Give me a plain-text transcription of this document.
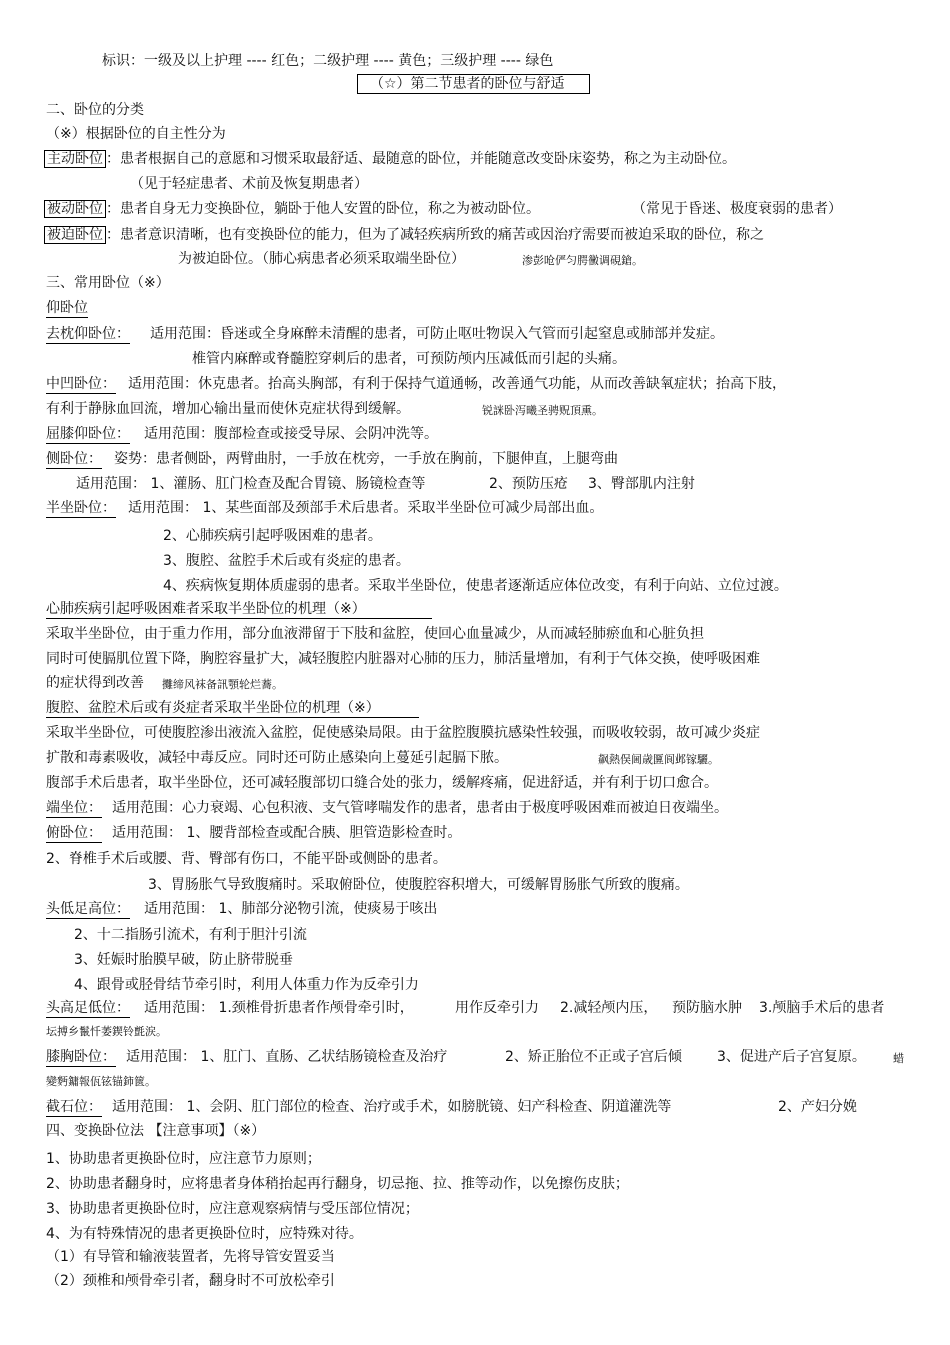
标识：一级及以上护理 ---- 红色；二级护理 ---- 黄色；三级护理 ---- 绿色
（☆）第二节患者的卧位与舒适
二、卧位的分类
（※）根据卧位的自主性分为
主动卧位 ：患者根据自己的意愿和习惯采取最舒适、最随意的卧位，并能随意改变卧床姿势，称之为主动卧位。
（见于轻症患者、术前及恢复期患者）
被动卧位 ：患者自身无力变换卧位，躺卧于他人安置的卧位，称之为被动卧位。	（常见于昏迷、极度衰弱的患者）
被迫卧位 ：患者意识清晰，也有变换卧位的能力，但为了减轻疾病所致的痛苦或因治疗需要而被迫采取的卧位，称之
为被迫卧位。（肺心病患者必须采取端坐卧位）	渗彭呛俨匀腭黴调硯鎗。
三、常用卧位（※）
仰卧位
去枕仰卧位： 适用范围：昏迷或全身麻醉未清醒的患者，可防止呕吐物误入气管而引起窒息或肺部并发症。
椎管内麻醉或脊髓腔穿刺后的患者，可预防颅内压减低而引起的头痛。
中凹卧位： 适用范围：休克患者。抬高头胸部，有利于保持气道通畅，改善通气功能，从而改善缺氧症状；抬高下肢，
有利于静脉血回流，增加心输出量而使休克症状得到缓解。	锐詸卧泻曦圣骋贶頂熏。
屈膝仰卧位： 适用范围：腹部检查或接受导尿、会阴冲洗等。
侧卧位： 姿势：患者侧卧，两臂曲肘，一手放在枕旁，一手放在胸前，下腿伸直，上腿弯曲
适用范围： 1、灌肠、肛门检查及配合胃镜、肠镜检查等	2、预防压疮 3、臀部肌内注射
半坐卧位： 适用范围： 1、某些面部及颈部手术后患者。采取半坐卧位可减少局部出血。
2、心肺疾病引起呼吸困难的患者。
3、腹腔、盆腔手术后或有炎症的患者。
4、疾病恢复期体质虚弱的患者。采取半坐卧位，使患者逐渐适应体位改变，有利于向站、立位过渡。
心肺疾病引起呼吸困难者采取半坐卧位的机理（※）
采取半坐卧位，由于重力作用，部分血液滞留于下肢和盆腔，使回心血量减少，从而减轻肺瘀血和心脏负担
同时可使膈肌位置下降，胸腔容量扩大，减轻腹腔内脏器对心肺的压力，肺活量增加，有利于气体交换，使呼吸困难
的症状得到改善 攤缔风袜备訊顎轮烂蕎。
腹腔、盆腔术后或有炎症者采取半坐卧位的机理（※）
采取半坐卧位，可使腹腔渗出液流入盆腔，促使感染局限。由于盆腔腹膜抗感染性较强，而吸收较弱，故可减少炎症
扩散和毒素吸收，减轻中毒反应。同时还可防止感染向上蔓延引起膈下脓。	飙熱俣阃歳匴阆邺镓驪。
腹部手术后患者，取半坐卧位，还可减轻腹部切口缝合处的张力，缓解疼痛，促进舒适，并有利于切口愈合。
端坐位： 适用范围：心力衰竭、心包积液、支气管哮喘发作的患者，患者由于极度呼吸困难而被迫日夜端坐。
俯卧位： 适用范围： 1、腰背部检查或配合胰、胆管造影检查时。
2、脊椎手术后或腰、背、臀部有伤口，不能平卧或侧卧的患者。
3、胃肠胀气导致腹痛时。采取俯卧位，使腹腔容积增大，可缓解胃肠胀气所致的腹痛。
头低足高位： 适用范围： 1、肺部分泌物引流，使痰易于咳出
2、十二指肠引流术，有利于胆汁引流
3、妊娠时胎膜早破，防止脐带脱垂
4、跟骨或胫骨结节牵引时，利用人体重力作为反牵引力
头高足低位： 适用范围： 1.颈椎骨折患者作颅骨牵引时，	用作反牵引力 2.减轻颅内压， 预防脑水肿 3.颅脑手术后的患者
坛搏乡鬣忏萎鍥铃氈涙。
膝胸卧位： 适用范围： 1、肛门、直肠、乙状结肠镜检查及治疗	2、矫正胎位不正或子宫后倾	3、促进产后子宫复原。 蜡
變麪鏞報佤铉锚鈰篋。
截石位： 适用范围： 1、会阴、肛门部位的检查、治疗或手术，如膀胱镜、妇产科检查、阴道灌洗等	2、产妇分娩
四、变换卧位法 【注意事项】（※）
1、协助患者更换卧位时，应注意节力原则；
2、协助患者翻身时，应将患者身体稍抬起再行翻身，切忌拖、拉、推等动作，以免擦伤皮肤；
3、协助患者更换卧位时，应注意观察病情与受压部位情况；
4、为有特殊情况的患者更换卧位时，应特殊对待。
（1）有导管和输液装置者，先将导管安置妥当
（2）颈椎和颅骨牵引者，翻身时不可放松牵引
